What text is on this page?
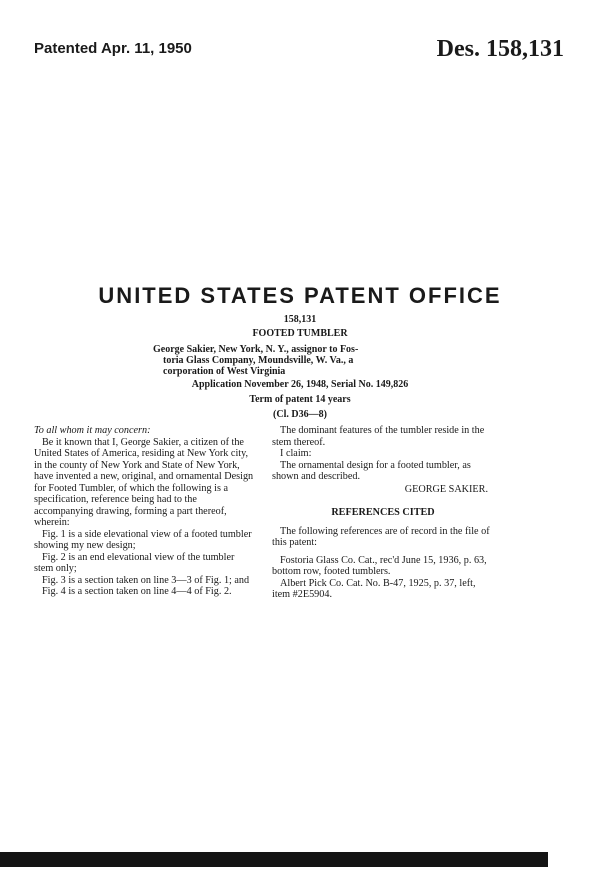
Patented Apr. 11, 1950	Des. 158,131
UNITED STATES PATENT OFFICE
158,131
FOOTED TUMBLER
George Sakier, New York, N. Y., assignor to Fos-
toria Glass Company, Moundsville, W. Va., a
corporation of West Virginia
Application November 26, 1948, Serial No. 149,826
Term of patent 14 years
(Cl. D36—8)

To all whom it may concern:

Be it known that I, George Sakier, a citizen of the United States of America, residing at New York city, in the county of New York and State of New York, have invented a new, original, and ornamental Design for Footed Tumbler, of which the following is a specification, reference being had to the accompanying drawing, forming a part thereof, wherein:

Fig. 1 is a side elevational view of a footed tumbler showing my new design;

Fig. 2 is an end elevational view of the tumbler stem only;

Fig. 3 is a section taken on line 3—3 of Fig. 1; and

Fig. 4 is a section taken on line 4—4 of Fig. 2.

The dominant features of the tumbler reside in the stem thereof.

I claim:

The ornamental design for a footed tumbler, as shown and described.

GEORGE SAKIER.

REFERENCES CITED

The following references are of record in the file of this patent:

Fostoria Glass Co. Cat., rec'd June 15, 1936, p. 63, bottom row, footed tumblers.

Albert Pick Co. Cat. No. B-47, 1925, p. 37, left, item #2E5904.
